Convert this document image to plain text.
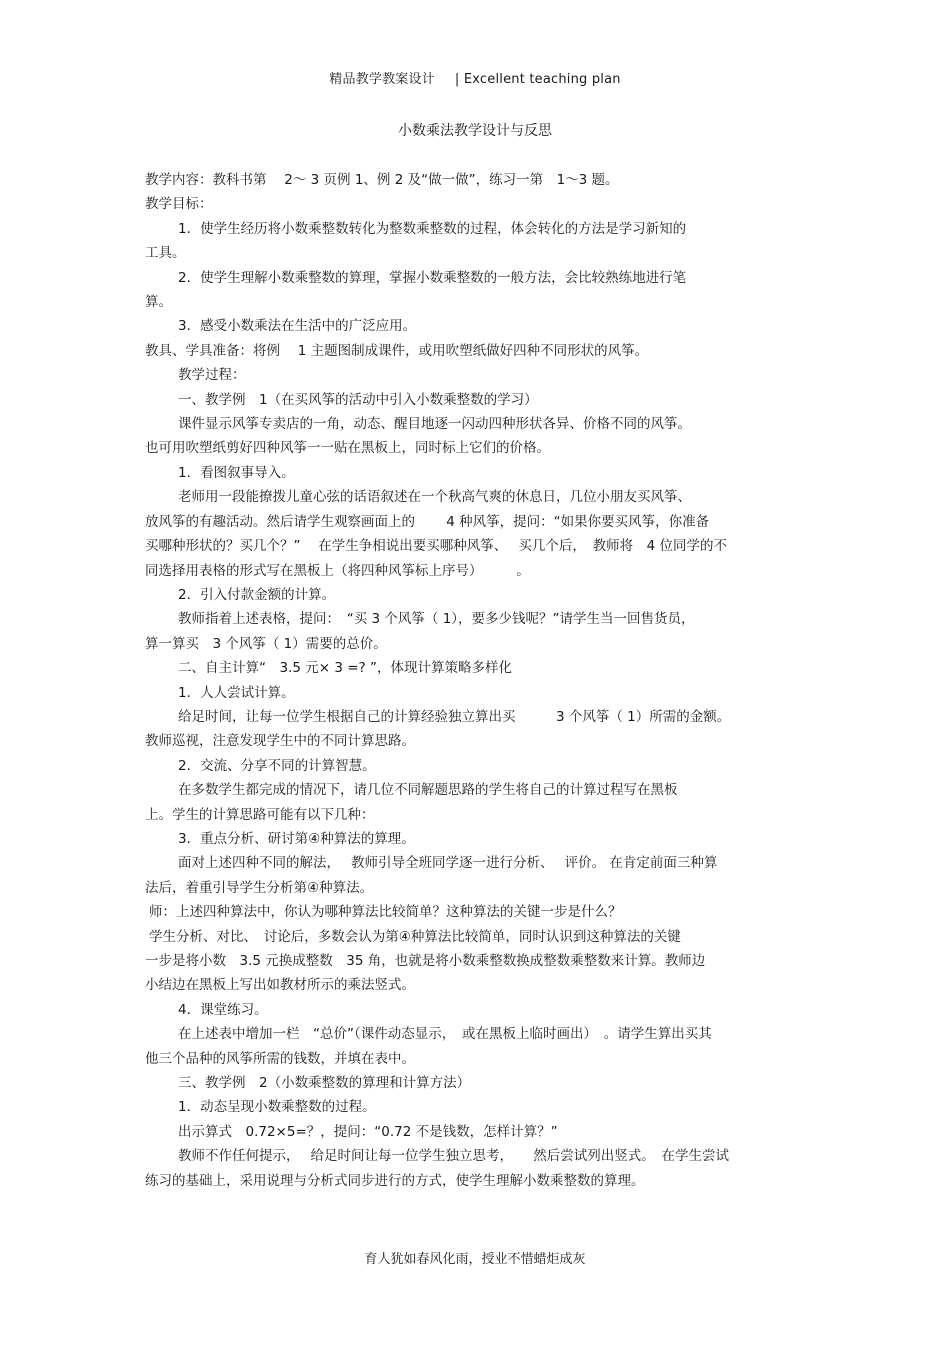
精品教学教案设计 | Excellent teaching plan
小数乘法教学设计与反思

教学内容：教科书第　 2～ 3 页例 1、例 2 及“做一做”，练习一第　1～3 题。

教学目标：

1．使学生经历将小数乘整数转化为整数乘整数的过程，体会转化的方法是学习新知的

工具。

2．使学生理解小数乘整数的算理，掌握小数乘整数的一般方法，会比较熟练地进行笔

算。

3．感受小数乘法在生活中的广泛应用。

教具、学具准备：将例　 1 主题图制成课件，或用吹塑纸做好四种不同形状的风筝。

教学过程：

一、教学例　1（在买风筝的活动中引入小数乘整数的学习）

课件显示风筝专卖店的一角，动态、醒目地逐一闪动四种形状各异、价格不同的风筝。

也可用吹塑纸剪好四种风筝一一贴在黑板上，同时标上它们的价格。

1．看图叙事导入。

老师用一段能撩拨儿童心弦的话语叙述在一个秋高气爽的休息日，几位小朋友买风筝、

放风筝的有趣活动。然后请学生观察画面上的　　 4 种风筝，提问：“如果你要买风筝，你准备

买哪种形状的？买几个？”　 在学生争相说出要买哪种风筝、　 买几个后，　教师将　4 位同学的不

同选择用表格的形式写在黑板上（将四种风筝标上序号）　　　。

2．引入付款金额的计算。

教师指着上述表格，提问：　“买 3 个风筝（ 1），要多少钱呢？”请学生当一回售货员，

算一算买　3 个风筝（ 1）需要的总价。

二、自主计算“　3.5 元× 3 =? ”，体现计算策略多样化

1．人人尝试计算。

给足时间，让每一位学生根据自己的计算经验独立算出买　　　3 个风筝（ 1）所需的金额。

教师巡视，注意发现学生中的不同计算思路。

2．交流、分享不同的计算智慧。

在多数学生都完成的情况下，请几位不同解题思路的学生将自己的计算过程写在黑板

上。学生的计算思路可能有以下几种：

3．重点分析、研讨第④种算法的算理。

面对上述四种不同的解法，　 教师引导全班同学逐一进行分析、　 评价。 在肯定前面三种算

法后，着重引导学生分析第④种算法。

师：上述四种算法中，你认为哪种算法比较简单？这种算法的关键一步是什么？

学生分析、对比、　讨论后，多数会认为第④种算法比较简单，同时认识到这种算法的关键

一步是将小数　3.5 元换成整数　35 角，也就是将小数乘整数换成整数乘整数来计算。教师边

小结边在黑板上写出如教材所示的乘法竖式。

4．课堂练习。

在上述表中增加一栏　“总价”（课件动态显示，　或在黑板上临时画出）　。请学生算出买其

他三个品种的风筝所需的钱数，并填在表中。

三、教学例　2（小数乘整数的算理和计算方法）

1．动态呈现小数乘整数的过程。

出示算式　0.72×5=？，提问：“0.72 不是钱数，怎样计算？”

教师不作任何提示，　 给足时间让每一位学生独立思考，　　然后尝试列出竖式。　在学生尝试

练习的基础上，采用说理与分析式同步进行的方式，使学生理解小数乘整数的算理。

育人犹如春风化雨，授业不惜蜡炬成灰
